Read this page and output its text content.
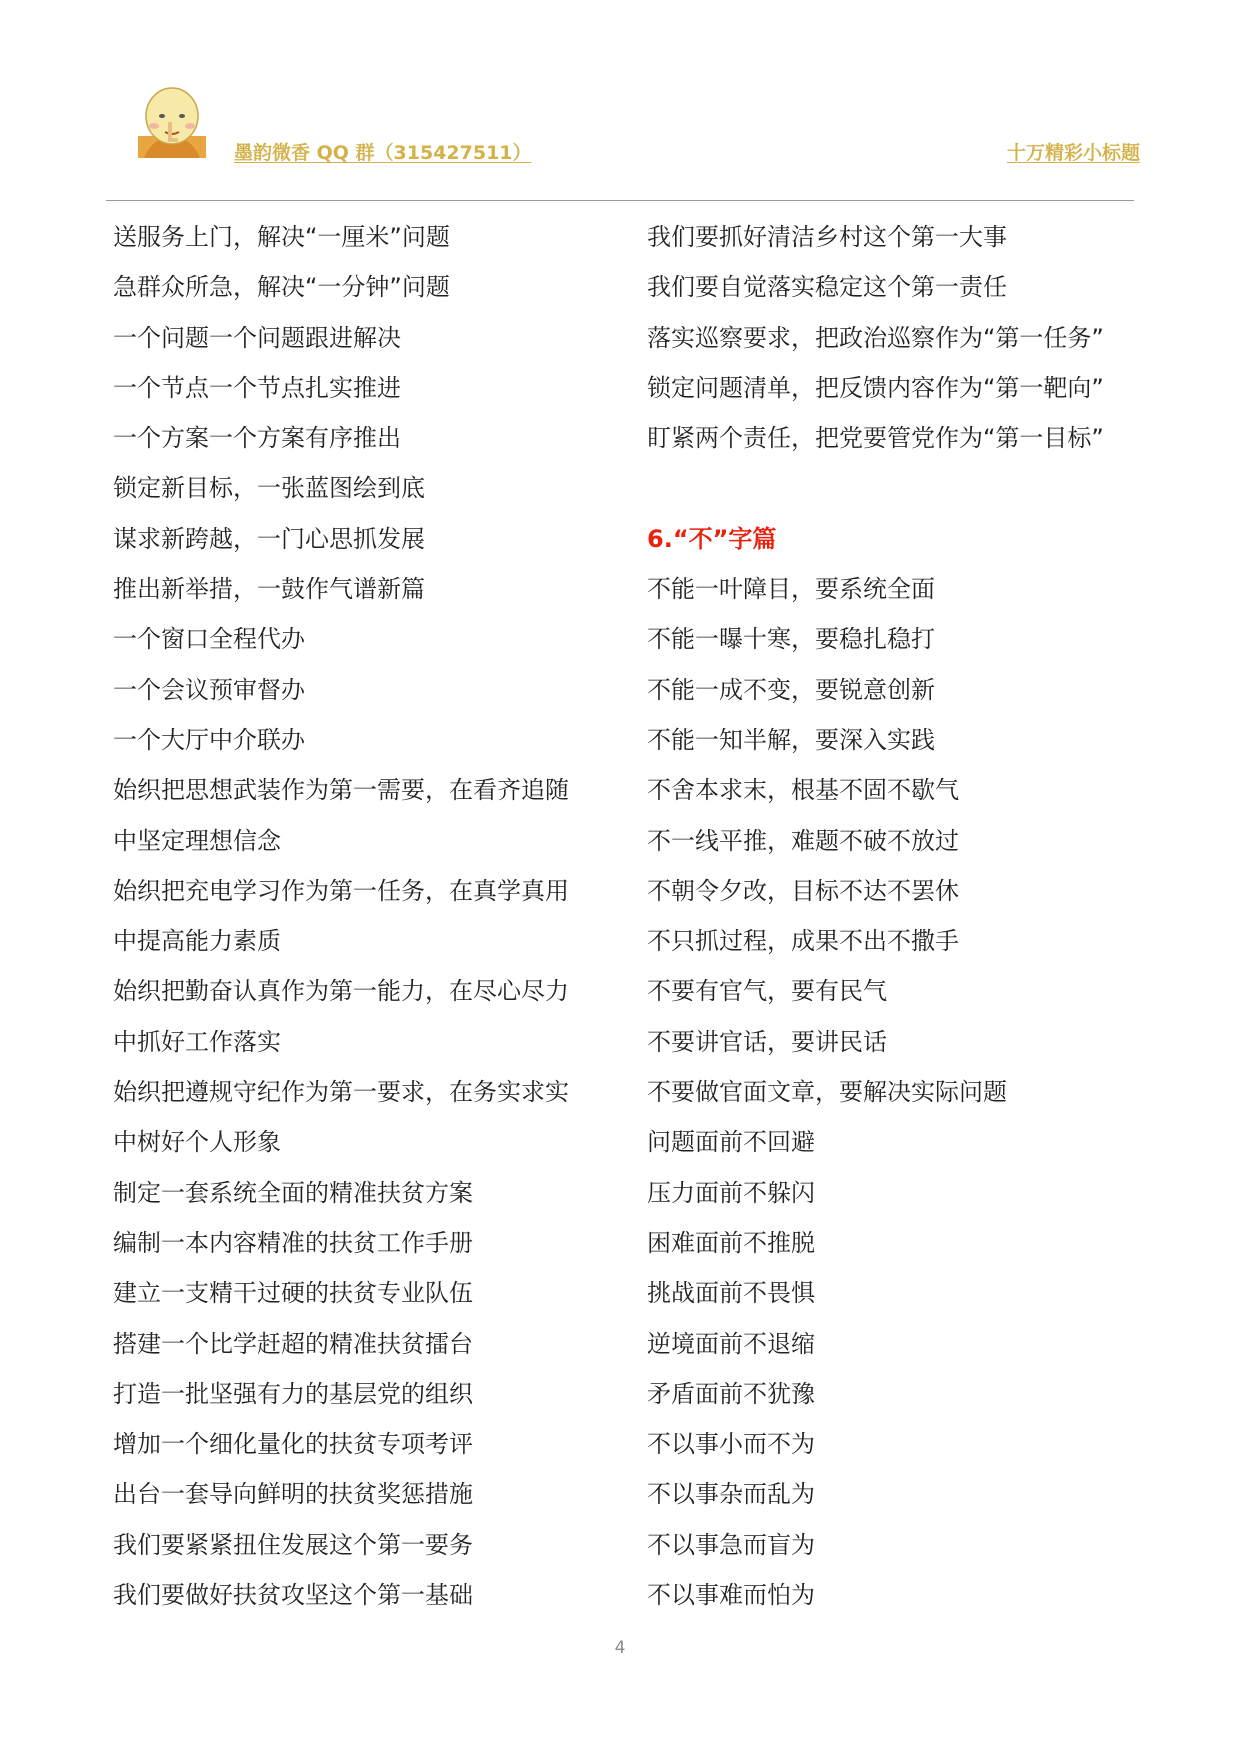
墨韵微香 QQ 群（315427511）	十万精彩小标题
送服务上门，解决“一厘米”问题
急群众所急，解决“一分钟”问题
一个问题一个问题跟进解决
一个节点一个节点扎实推进
一个方案一个方案有序推出
锁定新目标，一张蓝图绘到底
谋求新跨越，一门心思抓发展
推出新举措，一鼓作气谱新篇
一个窗口全程代办
一个会议预审督办
一个大厅中介联办
始织把思想武装作为第一需要，在看齐追随
中坚定理想信念
始织把充电学习作为第一任务，在真学真用
中提高能力素质
始织把勤奋认真作为第一能力，在尽心尽力
中抓好工作落实
始织把遵规守纪作为第一要求，在务实求实
中树好个人形象
制定一套系统全面的精准扶贫方案
编制一本内容精准的扶贫工作手册
建立一支精干过硬的扶贫专业队伍
搭建一个比学赶超的精准扶贫擂台
打造一批坚强有力的基层党的组织
增加一个细化量化的扶贫专项考评
出台一套导向鲜明的扶贫奖惩措施
我们要紧紧扭住发展这个第一要务
我们要做好扶贫攻坚这个第一基础
我们要抓好清洁乡村这个第一大事
我们要自觉落实稳定这个第一责任
落实巡察要求，把政治巡察作为“第一任务”
锁定问题清单，把反馈内容作为“第一靶向”
盯紧两个责任，把党要管党作为“第一目标”
6.“不”字篇
不能一叶障目，要系统全面
不能一曝十寒，要稳扎稳打
不能一成不变，要锐意创新
不能一知半解，要深入实践
不舍本求末，根基不固不歇气
不一线平推，难题不破不放过
不朝令夕改，目标不达不罢休
不只抓过程，成果不出不撒手
不要有官气，要有民气
不要讲官话，要讲民话
不要做官面文章，要解决实际问题
问题面前不回避
压力面前不躲闪
困难面前不推脱
挑战面前不畏惧
逆境面前不退缩
矛盾面前不犹豫
不以事小而不为
不以事杂而乱为
不以事急而盲为
不以事难而怕为
4
